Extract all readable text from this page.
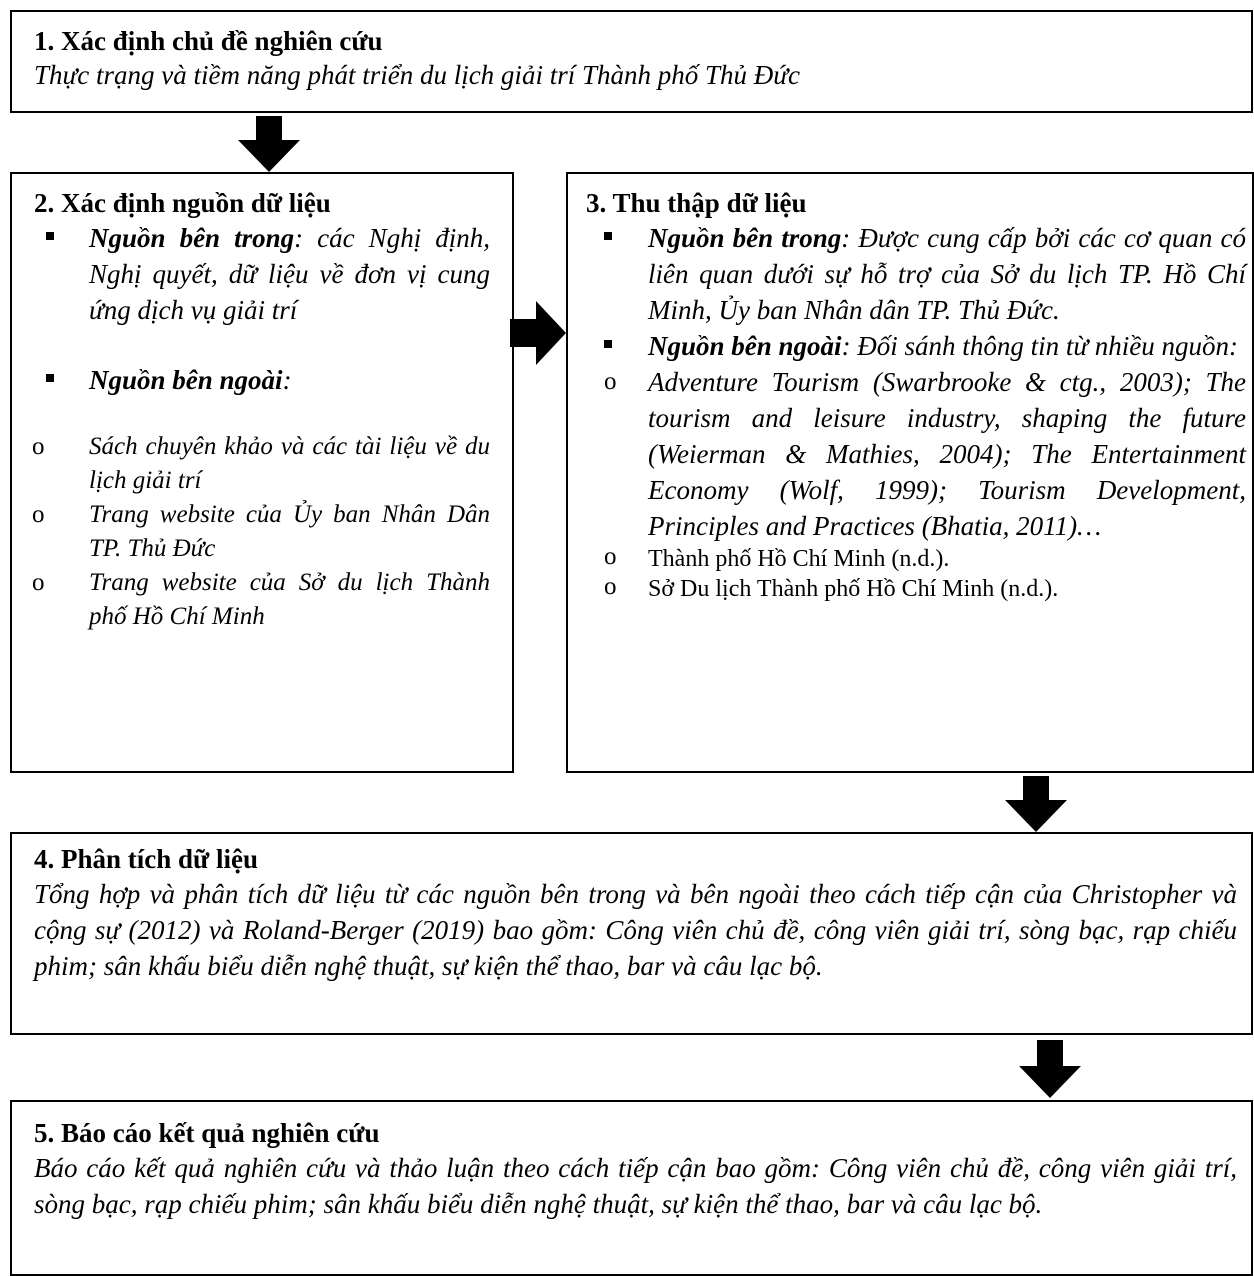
1. Xác định chủ đề nghiên cứu
Thực trạng và tiềm năng phát triển du lịch giải trí Thành phố Thủ Đức
2. Xác định nguồn dữ liệu
Nguồn bên trong: các Nghị định, Nghị quyết, dữ liệu về đơn vị cung ứng dịch vụ giải trí
Nguồn bên ngoài:
o Sách chuyên khảo và các tài liệu về du lịch giải trí
o Trang website của Ủy ban Nhân Dân TP. Thủ Đức
o Trang website của Sở du lịch Thành phố Hồ Chí Minh
3. Thu thập dữ liệu
Nguồn bên trong: Được cung cấp bởi các cơ quan có liên quan dưới sự hỗ trợ của Sở du lịch TP. Hồ Chí Minh, Ủy ban Nhân dân TP. Thủ Đức.
Nguồn bên ngoài: Đối sánh thông tin từ nhiều nguồn:
o Adventure Tourism (Swarbrooke & ctg., 2003); The tourism and leisure industry, shaping the future (Weierman & Mathies, 2004); The Entertainment Economy (Wolf, 1999); Tourism Development, Principles and Practices (Bhatia, 2011)…
o Thành phố Hồ Chí Minh (n.d.).
o Sở Du lịch Thành phố Hồ Chí Minh (n.d.).
4. Phân tích dữ liệu
Tổng hợp và phân tích dữ liệu từ các nguồn bên trong và bên ngoài theo cách tiếp cận của Christopher và cộng sự (2012) và Roland-Berger (2019) bao gồm: Công viên chủ đề, công viên giải trí, sòng bạc, rạp chiếu phim; sân khấu biểu diễn nghệ thuật, sự kiện thể thao, bar và câu lạc bộ.
5. Báo cáo kết quả nghiên cứu
Báo cáo kết quả nghiên cứu và thảo luận theo cách tiếp cận bao gồm: Công viên chủ đề, công viên giải trí, sòng bạc, rạp chiếu phim; sân khấu biểu diễn nghệ thuật, sự kiện thể thao, bar và câu lạc bộ.
